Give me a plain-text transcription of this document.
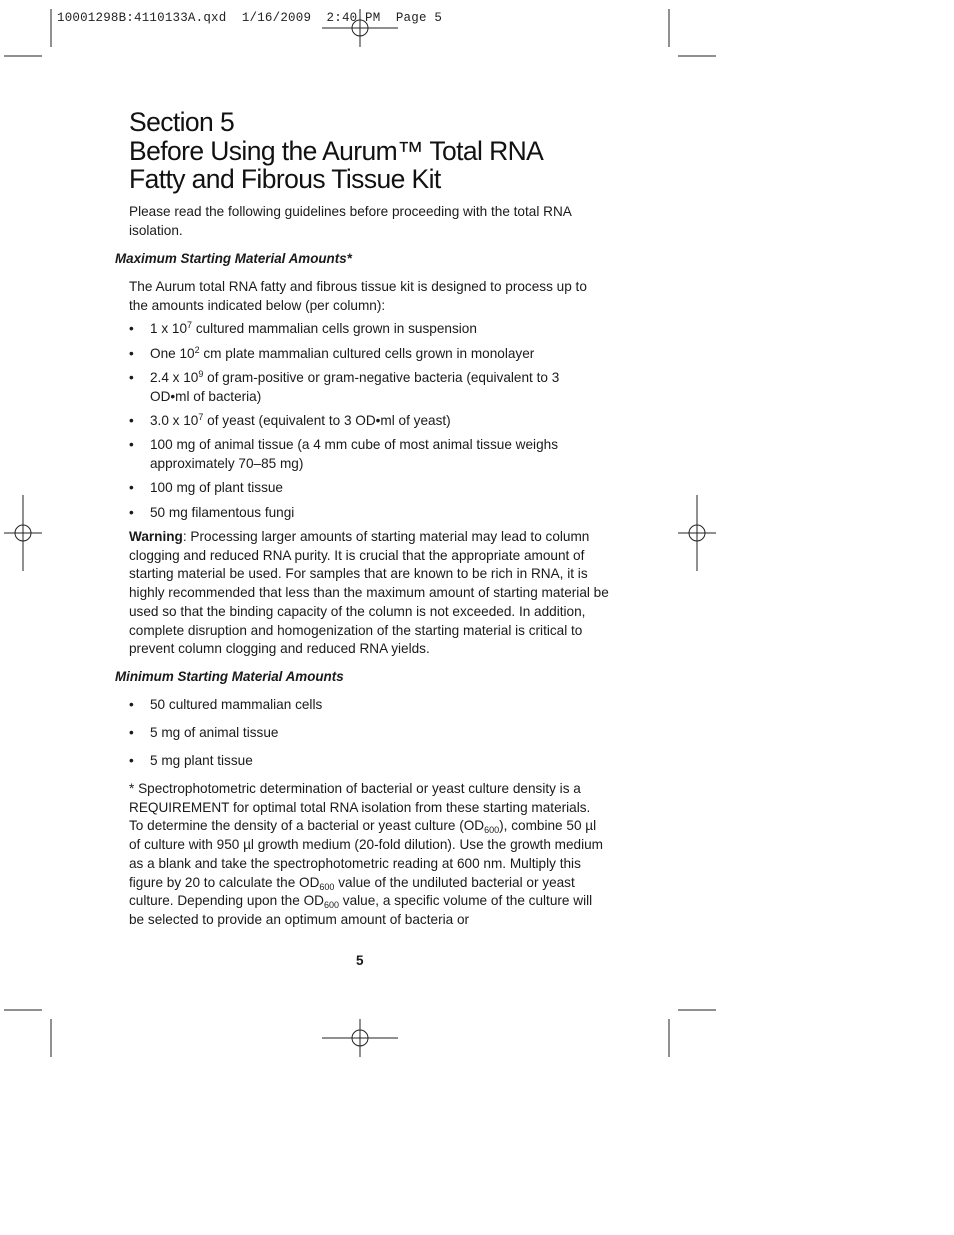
10001298B:4110133A.qxd  1/16/2009  2:40 PM  Page 5
Section 5
Before Using the Aurum™ Total RNA
Fatty and Fibrous Tissue Kit

Please read the following guidelines before proceeding with the total RNA isolation.

Maximum Starting Material Amounts*

The Aurum total RNA fatty and fibrous tissue kit is designed to process up to the amounts indicated below (per column):

• 1 x $10^7$ cultured mammalian cells grown in suspension
• One $10^2$ cm plate mammalian cultured cells grown in monolayer
• 2.4 x $10^9$ of gram-positive or gram-negative bacteria (equivalent to 3 OD•ml of bacteria)
• 3.0 x $10^7$ of yeast (equivalent to 3 OD•ml of yeast)
• 100 mg of animal tissue (a 4 mm cube of most animal tissue weighs approximately 70–85 mg)
• 100 mg of plant tissue
• 50 mg filamentous fungi

Warning: Processing larger amounts of starting material may lead to column clogging and reduced RNA purity. It is crucial that the appropriate amount of starting material be used. For samples that are known to be rich in RNA, it is highly recommended that less than the maximum amount of starting material be used so that the binding capacity of the column is not exceeded. In addition, complete disruption and homogenization of the starting material is critical to prevent column clogging and reduced RNA yields.

Minimum Starting Material Amounts
• 50 cultured mammalian cells
• 5 mg of animal tissue
• 5 mg plant tissue

* Spectrophotometric determination of bacterial or yeast culture density is a REQUIREMENT for optimal total RNA isolation from these starting materials. To determine the density of a bacterial or yeast culture $(OD_{600})$, combine 50 µl of culture with 950 µl growth medium (20-fold dilution). Use the growth medium as a blank and take the spectrophotometric reading at 600 nm. Multiply this figure by 20 to calculate the $OD_{600}$ value of the undiluted bacterial or yeast culture. Depending upon the $OD_{600}$ value, a specific volume of the culture will be selected to provide an optimum amount of bacteria or

5
